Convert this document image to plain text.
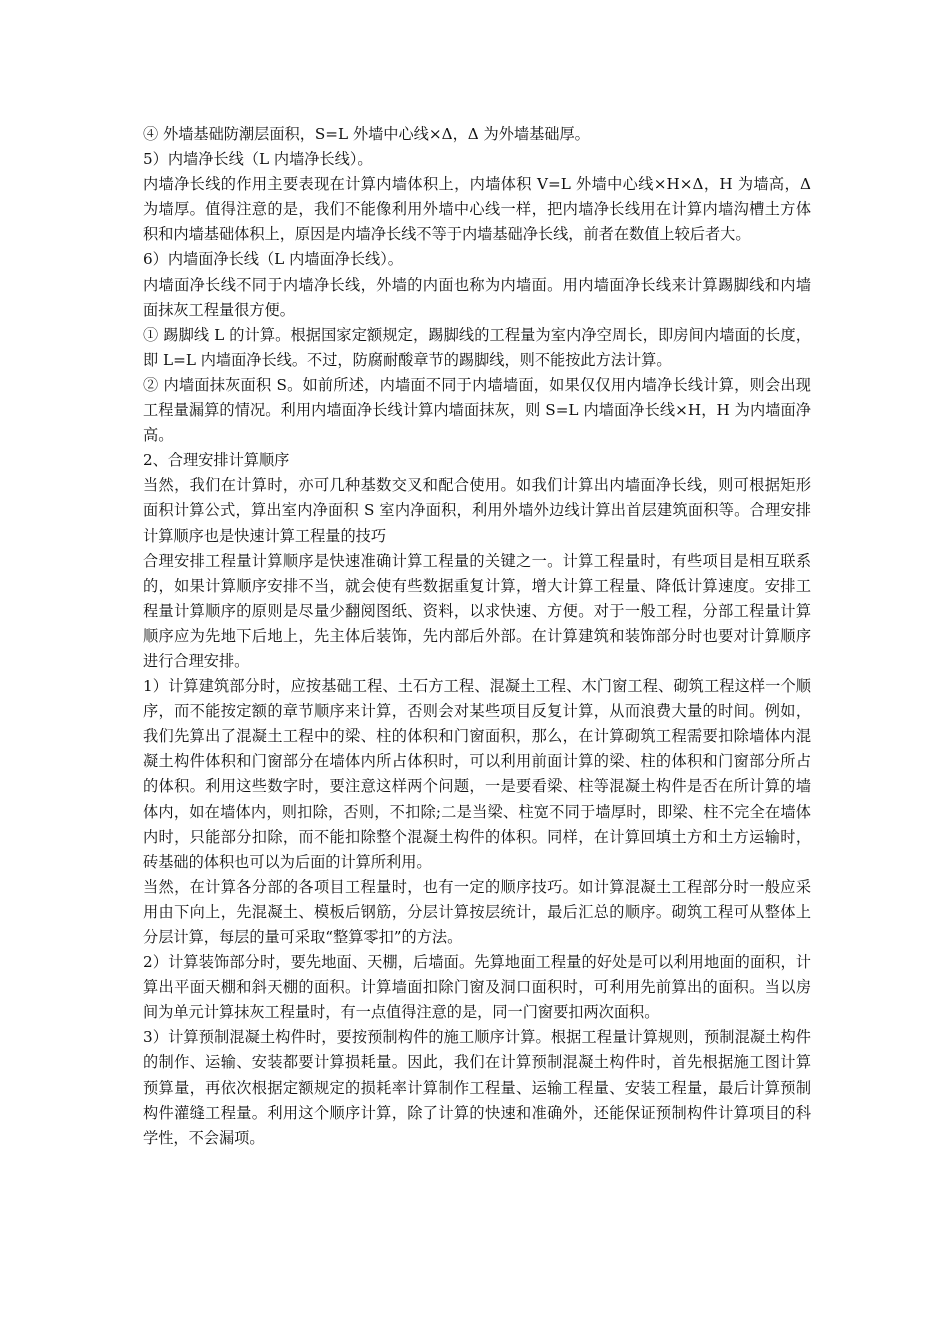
④ 外墙基础防潮层面积，S=L 外墙中心线×Δ，Δ 为外墙基础厚。

5）内墙净长线（L 内墙净长线）。

内墙净长线的作用主要表现在计算内墙体积上，内墙体积 V=L 外墙中心线×H×Δ，H 为墙高，Δ 为墙厚。值得注意的是，我们不能像利用外墙中心线一样，把内墙净长线用在计算内墙沟槽土方体积和内墙基础体积上，原因是内墙净长线不等于内墙基础净长线，前者在数值上较后者大。

6）内墙面净长线（L 内墙面净长线）。

内墙面净长线不同于内墙净长线，外墙的内面也称为内墙面。用内墙面净长线来计算踢脚线和内墙面抹灰工程量很方便。

① 踢脚线 L 的计算。根据国家定额规定，踢脚线的工程量为室内净空周长，即房间内墙面的长度，即 L=L 内墙面净长线。不过，防腐耐酸章节的踢脚线，则不能按此方法计算。

② 内墙面抹灰面积 S。如前所述，内墙面不同于内墙墙面，如果仅仅用内墙净长线计算，则会出现工程量漏算的情况。利用内墙面净长线计算内墙面抹灰，则 S=L 内墙面净长线×H，H 为内墙面净高。

2、合理安排计算顺序

当然，我们在计算时，亦可几种基数交叉和配合使用。如我们计算出内墙面净长线，则可根据矩形面积计算公式，算出室内净面积 S 室内净面积，利用外墙外边线计算出首层建筑面积等。合理安排计算顺序也是快速计算工程量的技巧

合理安排工程量计算顺序是快速准确计算工程量的关键之一。计算工程量时，有些项目是相互联系的，如果计算顺序安排不当，就会使有些数据重复计算，增大计算工程量、降低计算速度。安排工程量计算顺序的原则是尽量少翻阅图纸、资料，以求快速、方便。对于一般工程，分部工程量计算顺序应为先地下后地上，先主体后装饰，先内部后外部。在计算建筑和装饰部分时也要对计算顺序进行合理安排。

1）计算建筑部分时，应按基础工程、土石方工程、混凝土工程、木门窗工程、砌筑工程这样一个顺序，而不能按定额的章节顺序来计算，否则会对某些项目反复计算，从而浪费大量的时间。例如，我们先算出了混凝土工程中的梁、柱的体积和门窗面积，那么，在计算砌筑工程需要扣除墙体内混凝土构件体积和门窗部分在墙体内所占体积时，可以利用前面计算的梁、柱的体积和门窗部分所占的体积。利用这些数字时，要注意这样两个问题，一是要看梁、柱等混凝土构件是否在所计算的墙体内，如在墙体内，则扣除，否则，不扣除;二是当梁、柱宽不同于墙厚时，即梁、柱不完全在墙体内时，只能部分扣除，而不能扣除整个混凝土构件的体积。同样，在计算回填土方和土方运输时，砖基础的体积也可以为后面的计算所利用。

当然，在计算各分部的各项目工程量时，也有一定的顺序技巧。如计算混凝土工程部分时一般应采用由下向上，先混凝土、模板后钢筋，分层计算按层统计，最后汇总的顺序。砌筑工程可从整体上分层计算，每层的量可采取“整算零扣”的方法。

2）计算装饰部分时，要先地面、天棚，后墙面。先算地面工程量的好处是可以利用地面的面积，计算出平面天棚和斜天棚的面积。计算墙面扣除门窗及洞口面积时，可利用先前算出的面积。当以房间为单元计算抹灰工程量时，有一点值得注意的是，同一门窗要扣两次面积。

3）计算预制混凝土构件时，要按预制构件的施工顺序计算。根据工程量计算规则，预制混凝土构件的制作、运输、安装都要计算损耗量。因此，我们在计算预制混凝土构件时，首先根据施工图计算预算量，再依次根据定额规定的损耗率计算制作工程量、运输工程量、安装工程量，最后计算预制构件灌缝工程量。利用这个顺序计算，除了计算的快速和准确外，还能保证预制构件计算项目的科学性，不会漏项。
